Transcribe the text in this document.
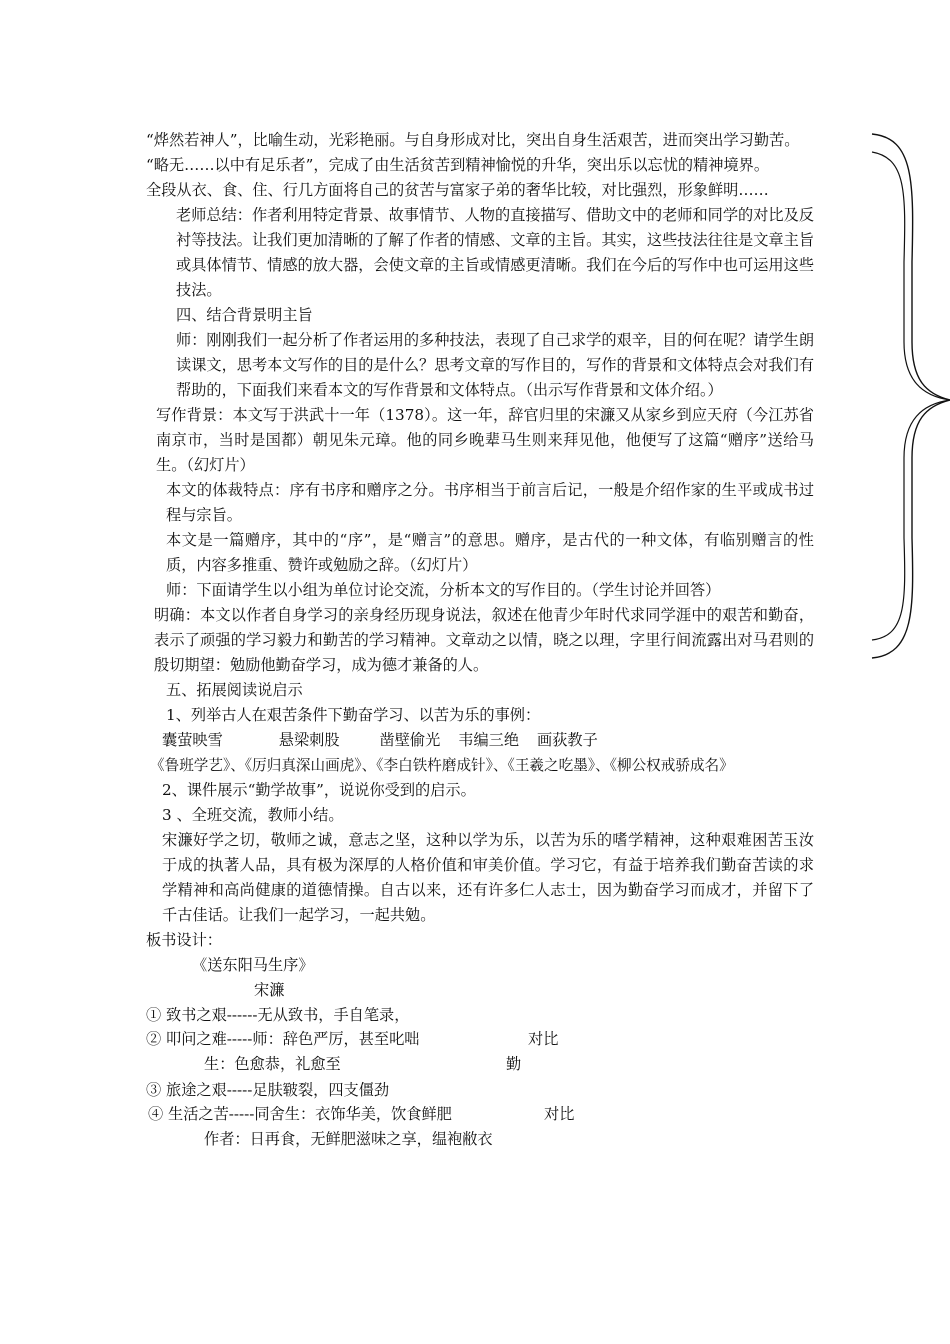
“烨然若神人”，比喻生动，光彩艳丽。与自身形成对比，突出自身生活艰苦，进而突出学习勤苦。

“略无……以中有足乐者”，完成了由生活贫苦到精神愉悦的升华，突出乐以忘忧的精神境界。

全段从衣、食、住、行几方面将自己的贫苦与富家子弟的奢华比较，对比强烈，形象鲜明……

老师总结：作者利用特定背景、故事情节、人物的直接描写、借助文中的老师和同学的对比及反衬等技法。让我们更加清晰的了解了作者的情感、文章的主旨。其实，这些技法往往是文章主旨或具体情节、情感的放大器，会使文章的主旨或情感更清晰。我们在今后的写作中也可运用这些技法。

四、结合背景明主旨

师：刚刚我们一起分析了作者运用的多种技法，表现了自己求学的艰辛，目的何在呢？请学生朗读课文，思考本文写作的目的是什么？思考文章的写作目的，写作的背景和文体特点会对我们有帮助的，下面我们来看本文的写作背景和文体特点。（出示写作背景和文体介绍。）

写作背景：本文写于洪武十一年（1378）。这一年，辞官归里的宋濂又从家乡到应天府（今江苏省南京市，当时是国都）朝见朱元璋。他的同乡晚辈马生则来拜见他，他便写了这篇“赠序”送给马生。（幻灯片）

本文的体裁特点：序有书序和赠序之分。书序相当于前言后记，一般是介绍作家的生平或成书过程与宗旨。

本文是一篇赠序，其中的“序”，是“赠言”的意思。赠序，是古代的一种文体，有临别赠言的性质，内容多推重、赞许或勉励之辞。（幻灯片）

师：下面请学生以小组为单位讨论交流，分析本文的写作目的。（学生讨论并回答）

明确：本文以作者自身学习的亲身经历现身说法，叙述在他青少年时代求同学涯中的艰苦和勤奋，表示了顽强的学习毅力和勤苦的学习精神。文章动之以情，晓之以理，字里行间流露出对马君则的殷切期望：勉励他勤奋学习，成为德才兼备的人。

五、拓展阅读说启示

1、列举古人在艰苦条件下勤奋学习、以苦为乐的事例：

囊萤映雪	悬梁刺股	凿壁偷光 韦编三绝 画荻教子

《鲁班学艺》、《厉归真深山画虎》、《李白铁杵磨成针》、《王羲之吃墨》、《柳公权戒骄成名》

2、课件展示“勤学故事”，说说你受到的启示。

3 、全班交流，教师小结。

宋濂好学之切，敬师之诚，意志之坚，这种以学为乐，以苦为乐的嗜学精神，这种艰难困苦玉汝于成的执著人品，具有极为深厚的人格价值和审美价值。学习它，有益于培养我们勤奋苦读的求学精神和高尚健康的道德情操。自古以来，还有许多仁人志士，因为勤奋学习而成才，并留下了千古佳话。让我们一起学习，一起共勉。

板书设计：

《送东阳马生序》

宋濂

① 致书之艰------无从致书，手自笔录，

② 叩问之难-----师：辞色严厉，甚至叱咄	对比
生：色愈恭，礼愈至	勤

③ 旅途之艰-----足肤皲裂，四支僵劲

④ 生活之苦-----同舍生：衣饰华美，饮食鲜肥	对比
作者：日再食，无鲜肥滋味之享，缊袍敝衣
